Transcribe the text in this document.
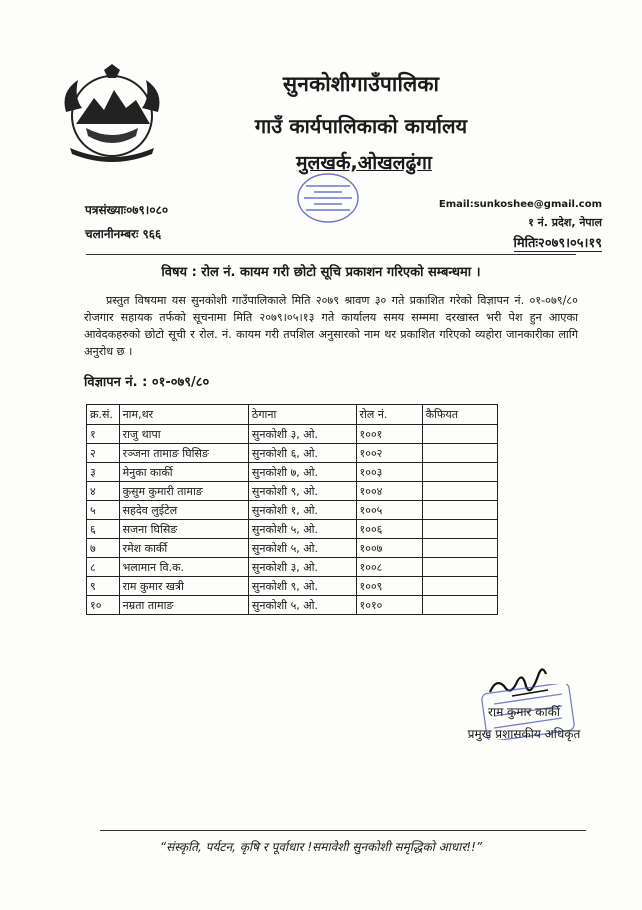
सुनकोशीगाउँपालिका
गाउँ कार्यपालिकाको कार्यालय
मुलखर्क,ओखलढुंगा
पत्रसंख्याः०७९।०८०
चलानीनम्बरः ९६६
Email:sunkoshee@gmail.com
१ नं. प्रदेश, नेपाल
मितिः२०७९।०५।१९
विषय : रोल नं. कायम गरी छोटो सूचि प्रकाशन गरिएको सम्बन्धमा ।
प्रस्तुत विषयमा यस सुनकोशी गाउँपालिकाले मिति २०७९ श्रावण ३० गते प्रकाशित गरेको विज्ञापन नं. ०१-०७९/८० रोजगार सहायक तर्फको सूचनामा मिति २०७९।०५।१३ गते कार्यालय समय सम्ममा दरखास्त भरी पेश हुन आएका आवेदकहरुको छोटो सूची र रोल. नं. कायम गरी तपशिल अनुसारको नाम थर प्रकाशित गरिएको व्यहोरा जानकारीका लागि अनुरोध छ ।
विज्ञापन नं. : ०१-०७९/८०
क्र.सं.	नाम,थर	ठेगाना	रोल नं.	कैफियत
१	राजु थापा	सुनकोशी ३, ओ.	१००१	
२	रञ्जना तामाङ घिसिङ	सुनकोशी ६, ओ.	१००२	
३	मेनुका कार्की	सुनकोशी ७, ओ.	१००३	
४	कुसुम कुमारी तामाङ	सुनकोशी ९, ओ.	१००४	
५	सहदेव लुईटेल	सुनकोशी १, ओ.	१००५	
६	सजना घिसिङ	सुनकोशी ५, ओ.	१००६	
७	रमेश कार्की	सुनकोशी ५, ओ.	१००७	
८	भलामान वि.क.	सुनकोशी ३, ओ.	१००८	
९	राम कुमार खत्री	सुनकोशी ९, ओ.	१००९	
१०	नम्रता तामाङ	सुनकोशी ५, ओ.	१०१०	
राम कुमार कार्की
प्रमुख प्रशासकीय अधिकृत
“संस्कृति, पर्यटन, कृषि र पूर्वाधार !समावेशी सुनकोशी समृद्धिको आधार!!”
